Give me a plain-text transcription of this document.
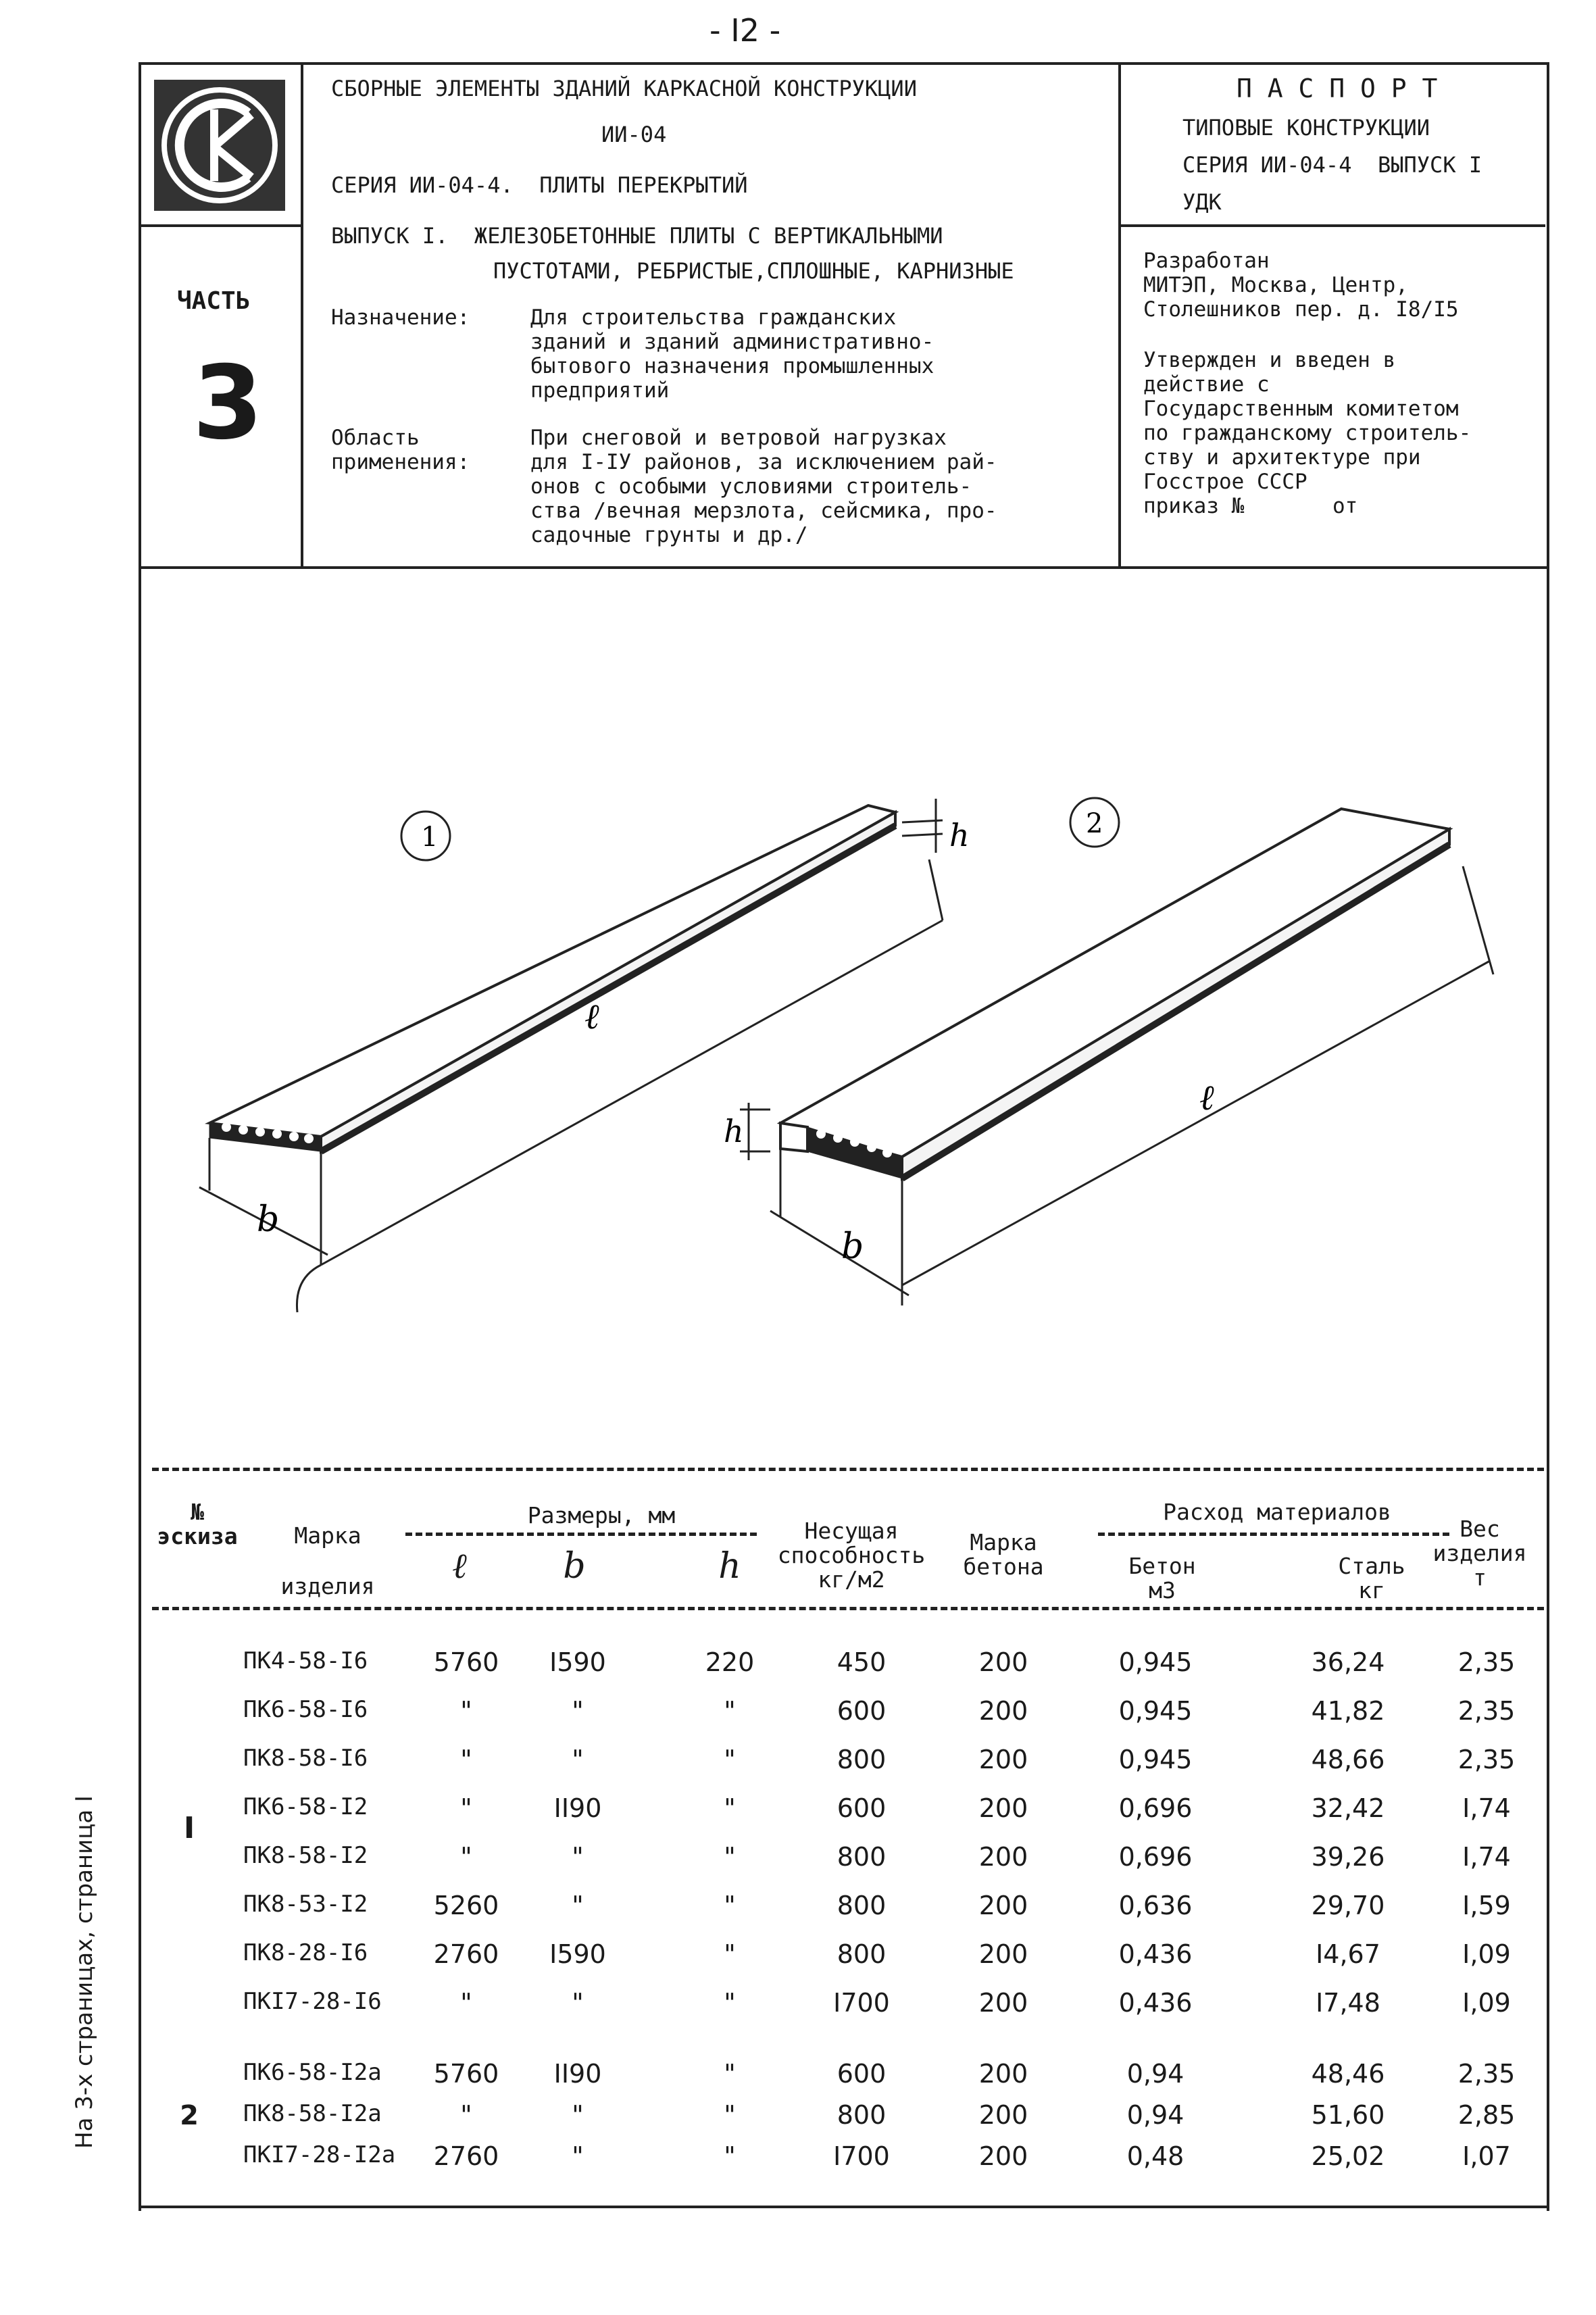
- I2 -
На 3-х страницах, страница I
ЧАСТЬ
3
СБОРНЫЕ ЭЛЕМЕНТЫ ЗДАНИЙ КАРКАСНОЙ КОНСТРУКЦИИ
ИИ-04
СЕРИЯ ИИ-04-4.  ПЛИТЫ ПЕРЕКРЫТИЙ
ВЫПУСК I.  ЖЕЛЕЗОБЕТОННЫЕ ПЛИТЫ С ВЕРТИКАЛЬНЫМИ
ПУСТОТАМИ, РЕБРИСТЫЕ,СПЛОШНЫЕ, КАРНИЗНЫЕ
Назначение:	Для строительства гражданских
зданий и зданий административно-
бытового назначения промышленных
предприятий
Область
применения:
При снеговой и ветровой нагрузках
для I-IУ районов, за исключением рай-
онов с особыми условиями строитель-
ства /вечная мерзлота, сейсмика, про-
садочные грунты и др./
П А С П О Р Т
ТИПОВЫЕ КОНСТРУКЦИИ
СЕРИЯ ИИ-04-4  ВЫПУСК I
УДК
Разработан
МИТЭП, Москва, Центр,
Столешников пер. д. I8/I5
Утвержден и введен в
действие с
Государственным комитетом
по гражданскому строитель-
ству и архитектуре при
Госстрое СССР
приказ №       от
1
ℓ
b
h	2
ℓ
b
h
№
эскиза	Марка
изделия
Размеры, мм
ℓ	b	h
Несущая
способность
кг/м2
Марка
бетона
Расход материалов
Бетон
м3
Сталь
кг
Вес
изделия
т
I
2
ПК4-58-I6	5760	I590	220	450	200	0,945	36,24	2,35
ПК6-58-I6	"	"	"	600	200	0,945	41,82	2,35
ПК8-58-I6	"	"	"	800	200	0,945	48,66	2,35
ПК6-58-I2	"	II90	"	600	200	0,696	32,42	I,74
ПК8-58-I2	"	"	"	800	200	0,696	39,26	I,74
ПК8-53-I2	5260	"	"	800	200	0,636	29,70	I,59
ПК8-28-I6	2760	I590	"	800	200	0,436	I4,67	I,09
ПКI7-28-I6	"	"	"	I700	200	0,436	I7,48	I,09
ПК6-58-I2а	5760	II90	"	600	200	0,94	48,46	2,35
ПК8-58-I2а	"	"	"	800	200	0,94	51,60	2,85
ПКI7-28-I2а	2760	"	"	I700	200	0,48	25,02	I,07
